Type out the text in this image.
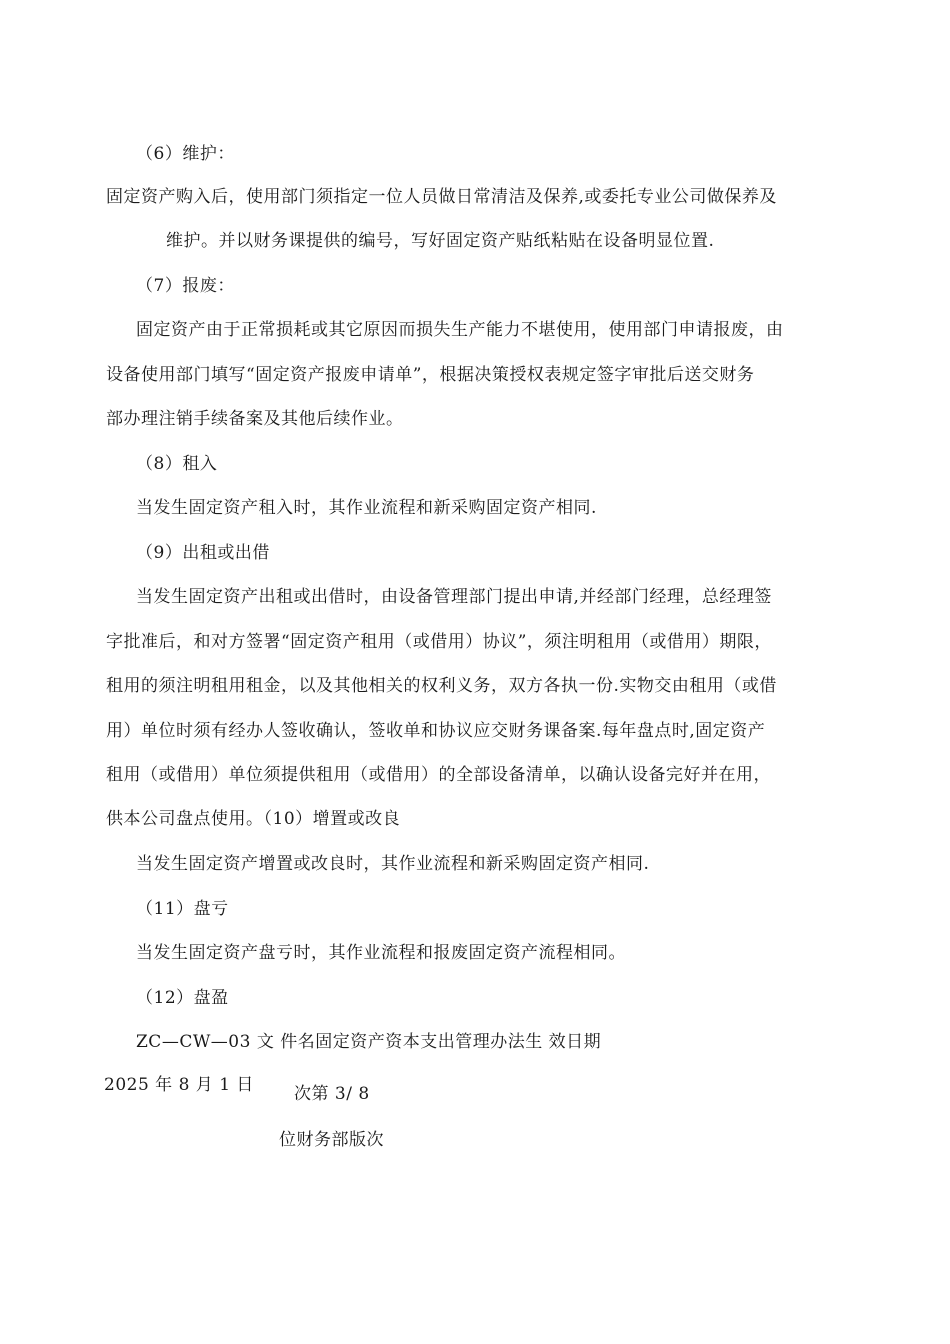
（6）维护：
固定资产购入后，使用部门须指定一位人员做日常清洁及保养,或委托专业公司做保养及
维护。并以财务课提供的编号，写好固定资产贴纸粘贴在设备明显位置.
（7）报废：
固定资产由于正常损耗或其它原因而损失生产能力不堪使用，使用部门申请报废，由
设备使用部门填写“固定资产报废申请单”，根据决策授权表规定签字审批后送交财务
部办理注销手续备案及其他后续作业。
（8）租入
当发生固定资产租入时，其作业流程和新采购固定资产相同.
（9）出租或出借
当发生固定资产出租或出借时，由设备管理部门提出申请,并经部门经理，总经理签
字批准后，和对方签署“固定资产租用（或借用）协议”，须注明租用（或借用）期限，
租用的须注明租用租金，以及其他相关的权利义务，双方各执一份.实物交由租用（或借
用）单位时须有经办人签收确认，签收单和协议应交财务课备案.每年盘点时,固定资产
租用（或借用）单位须提供租用（或借用）的全部设备清单，以确认设备完好并在用，
供本公司盘点使用。（10）增置或改良
当发生固定资产增置或改良时，其作业流程和新采购固定资产相同.
（11）盘亏
当发生固定资产盘亏时，其作业流程和报废固定资产流程相同。
（12）盘盈
ZC—CW—03 文 件名固定资产资本支出管理办法生 效日期
2025 年 8 月 1 日 次第 3/ 8
位财务部版次
